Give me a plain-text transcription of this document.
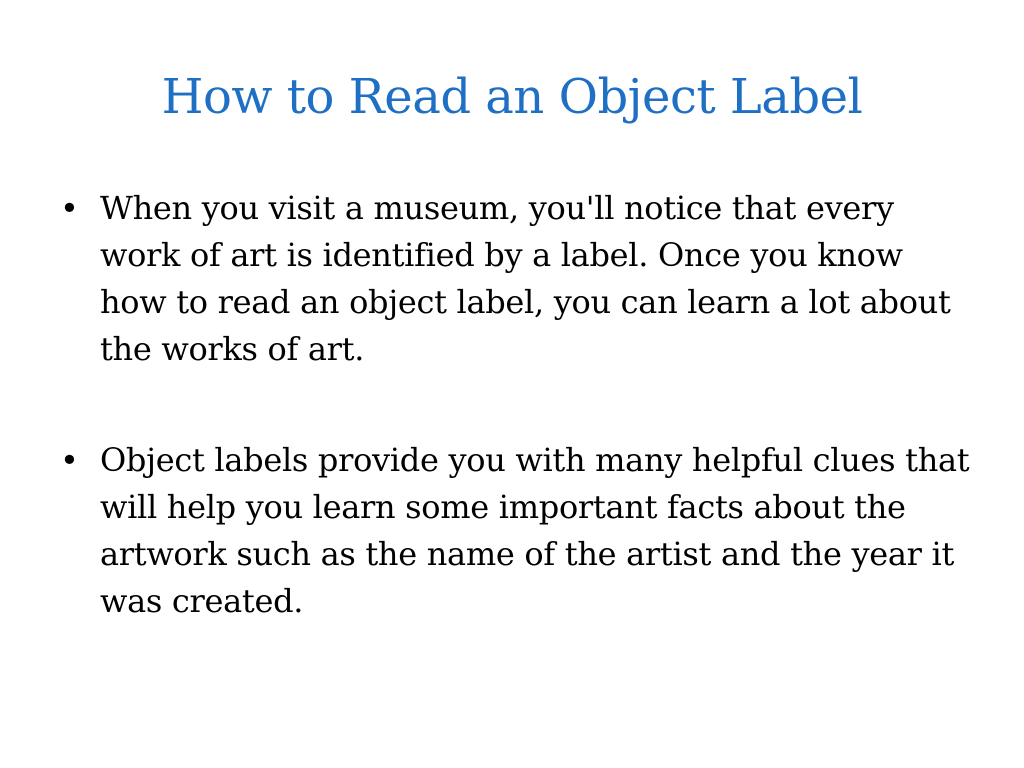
How to Read an Object Label
• When you visit a museum, you'll notice that every work of art is identified by a label. Once you know how to read an object label, you can learn a lot about the works of art.
• Object labels provide you with many helpful clues that will help you learn some important facts about the artwork such as the name of the artist and the year it was created.
